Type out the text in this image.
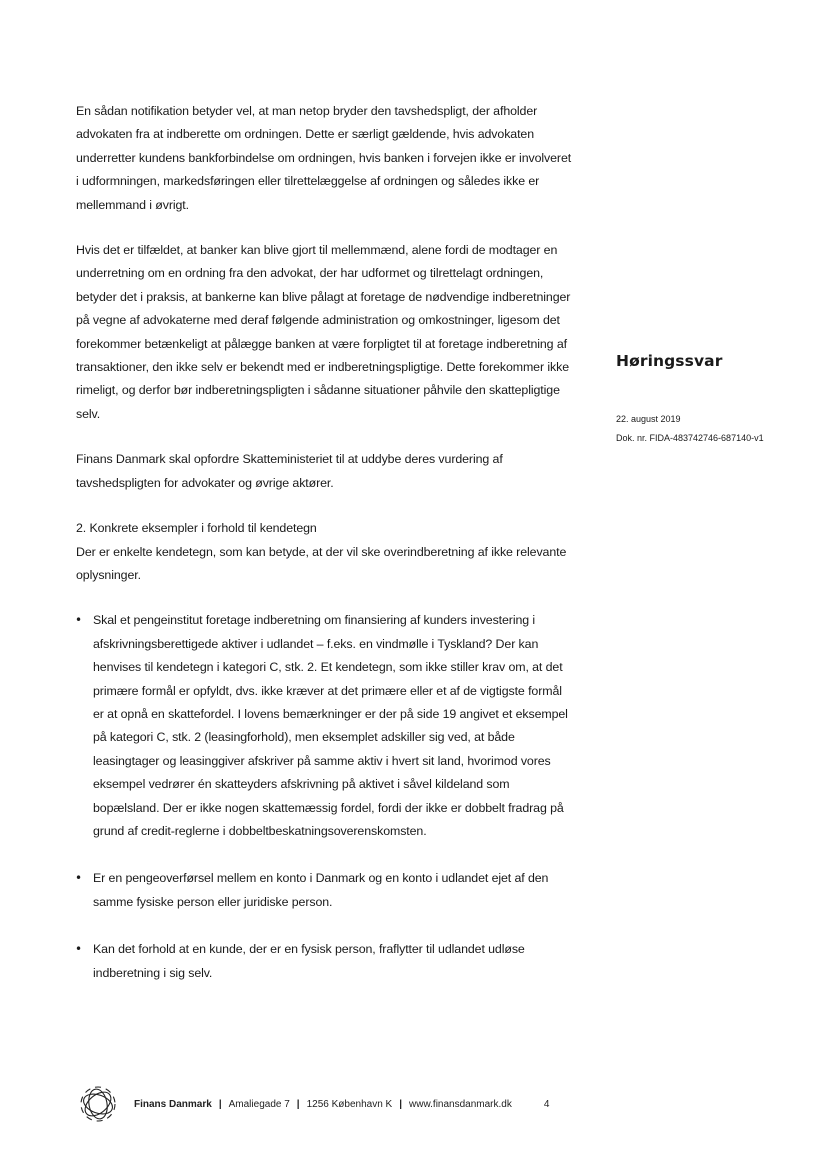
En sådan notifikation betyder vel, at man netop bryder den tavshedspligt, der afholder advokaten fra at indberette om ordningen. Dette er særligt gældende, hvis advokaten underretter kundens bankforbindelse om ordningen, hvis banken i forvejen ikke er involveret i udformningen, markedsføringen eller tilrettelæggelse af ordningen og således ikke er mellemmand i øvrigt.

Hvis det er tilfældet, at banker kan blive gjort til mellemmænd, alene fordi de modtager en underretning om en ordning fra den advokat, der har udformet og tilrettelagt ordningen, betyder det i praksis, at bankerne kan blive pålagt at foretage de nødvendige indberetninger på vegne af advokaterne med deraf følgende administration og omkostninger, ligesom det forekommer betænkeligt at pålægge banken at være forpligtet til at foretage indberetning af transaktioner, den ikke selv er bekendt med er indberetningspligtige. Dette forekommer ikke rimeligt, og derfor bør indberetningspligten i sådanne situationer påhvile den skattepligtige selv.

Finans Danmark skal opfordre Skatteministeriet til at uddybe deres vurdering af tavshedspligten for advokater og øvrige aktører.

2. Konkrete eksempler i forhold til kendetegn

Der er enkelte kendetegn, som kan betyde, at der vil ske overindberetning af ikke relevante oplysninger.

• Skal et pengeinstitut foretage indberetning om finansiering af kunders investering i afskrivningsberettigede aktiver i udlandet – f.eks. en vindmølle i Tyskland? Der kan henvises til kendetegn i kategori C, stk. 2. Et kendetegn, som ikke stiller krav om, at det primære formål er opfyldt, dvs. ikke kræver at det primære eller et af de vigtigste formål er at opnå en skattefordel. I lovens bemærkninger er der på side 19 angivet et eksempel på kategori C, stk. 2 (leasingforhold), men eksemplet adskiller sig ved, at både leasingtager og leasinggiver afskriver på samme aktiv i hvert sit land, hvorimod vores eksempel vedrører én skatteyders afskrivning på aktivet i såvel kildeland som bopælsland. Der er ikke nogen skattemæssig fordel, fordi der ikke er dobbelt fradrag på grund af credit-reglerne i dobbeltbeskatningsoverenskomsten.

• Er en pengeoverførsel mellem en konto i Danmark og en konto i udlandet ejet af den samme fysiske person eller juridiske person.

• Kan det forhold at en kunde, der er en fysisk person, fraflytter til udlandet udløse indberetning i sig selv.

Høringssvar

22. august 2019
Dok. nr. FIDA-483742746-687140-v1
Finans Danmark | Amaliegade 7 | 1256 København K | www.finansdanmark.dk	4
